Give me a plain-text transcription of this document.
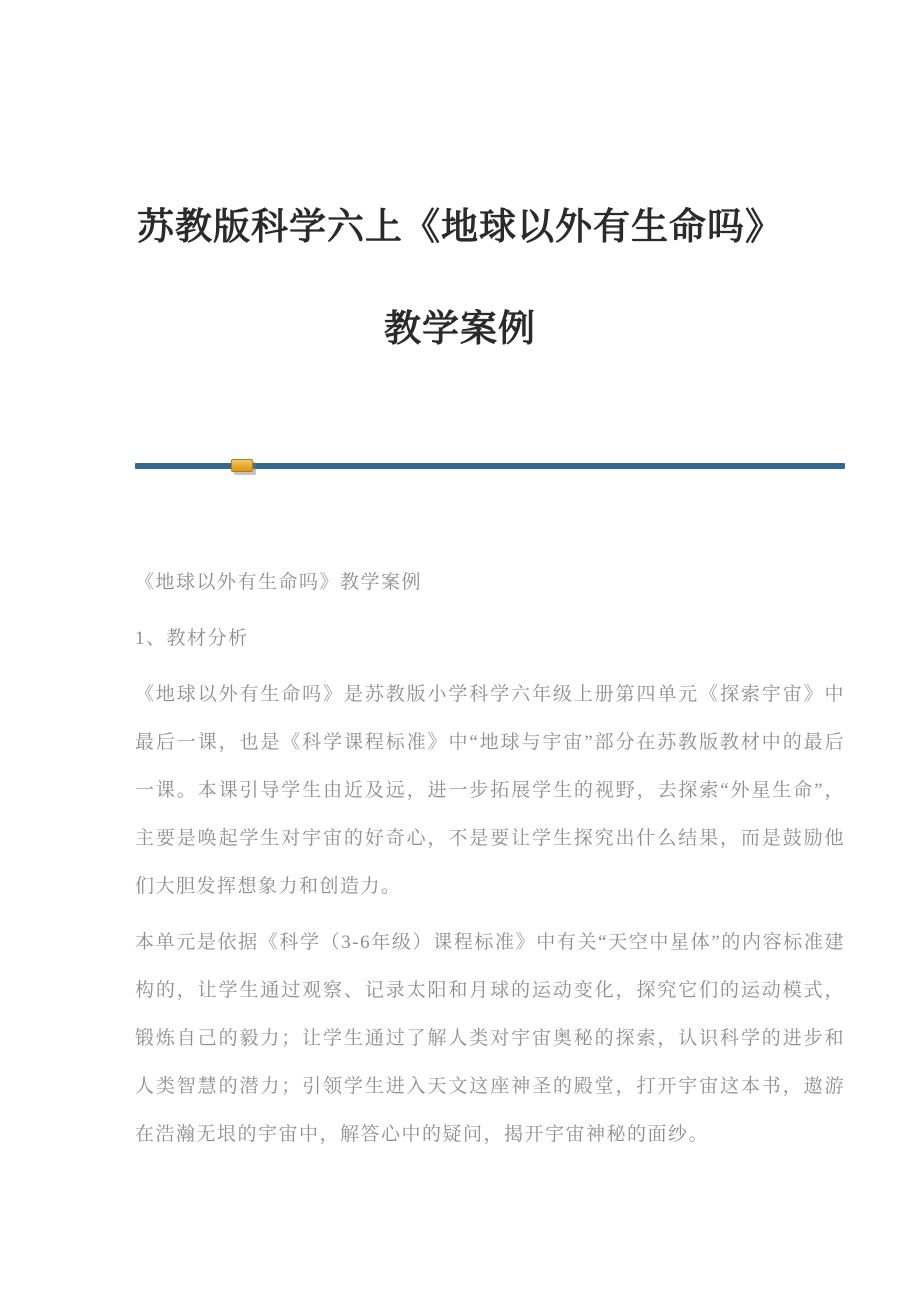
苏教版科学六上《地球以外有生命吗》
教学案例

《地球以外有生命吗》教学案例

1、教材分析

《地球以外有生命吗》是苏教版小学科学六年级上册第四单元《探索宇宙》中最后一课，也是《科学课程标准》中“地球与宇宙”部分在苏教版教材中的最后一课。本课引导学生由近及远，进一步拓展学生的视野，去探索“外星生命”，主要是唤起学生对宇宙的好奇心，不是要让学生探究出什么结果，而是鼓励他们大胆发挥想象力和创造力。

本单元是依据《科学（3-6年级）课程标准》中有关“天空中星体”的内容标准建构的，让学生通过观察、记录太阳和月球的运动变化，探究它们的运动模式，锻炼自己的毅力；让学生通过了解人类对宇宙奥秘的探索，认识科学的进步和人类智慧的潜力；引领学生进入天文这座神圣的殿堂，打开宇宙这本书，遨游在浩瀚无垠的宇宙中，解答心中的疑问，揭开宇宙神秘的面纱。
